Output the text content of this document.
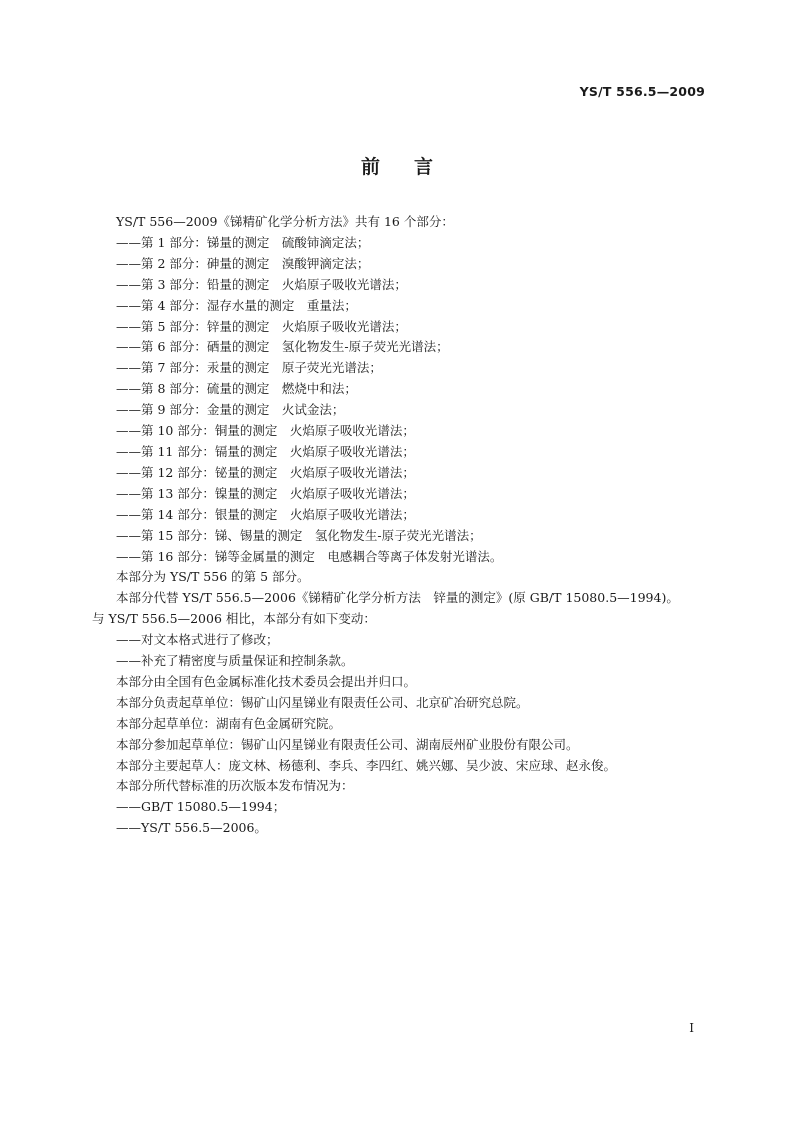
YS/T 556.5—2009

前 言

YS/T 556—2009《锑精矿化学分析方法》共有 16 个部分：

——第 1 部分：锑量的测定　硫酸铈滴定法；

——第 2 部分：砷量的测定　溴酸钾滴定法；

——第 3 部分：铅量的测定　火焰原子吸收光谱法；

——第 4 部分：湿存水量的测定　重量法；

——第 5 部分：锌量的测定　火焰原子吸收光谱法；

——第 6 部分：硒量的测定　氢化物发生-原子荧光光谱法；

——第 7 部分：汞量的测定　原子荧光光谱法；

——第 8 部分：硫量的测定　燃烧中和法；

——第 9 部分：金量的测定　火试金法；

——第 10 部分：铜量的测定　火焰原子吸收光谱法；

——第 11 部分：镉量的测定　火焰原子吸收光谱法；

——第 12 部分：铋量的测定　火焰原子吸收光谱法；

——第 13 部分：镍量的测定　火焰原子吸收光谱法；

——第 14 部分：银量的测定　火焰原子吸收光谱法；

——第 15 部分：锑、锡量的测定　氢化物发生-原子荧光光谱法；

——第 16 部分：锑等金属量的测定　电感耦合等离子体发射光谱法。

本部分为 YS/T 556 的第 5 部分。

本部分代替 YS/T 556.5—2006《锑精矿化学分析方法　锌量的测定》(原 GB/T 15080.5—1994)。

与 YS/T 556.5—2006 相比，本部分有如下变动：

——对文本格式进行了修改；

——补充了精密度与质量保证和控制条款。

本部分由全国有色金属标准化技术委员会提出并归口。

本部分负责起草单位：锡矿山闪星锑业有限责任公司、北京矿冶研究总院。

本部分起草单位：湖南有色金属研究院。

本部分参加起草单位：锡矿山闪星锑业有限责任公司、湖南辰州矿业股份有限公司。

本部分主要起草人：庞文林、杨德利、李兵、李四红、姚兴娜、吴少波、宋应球、赵永俊。

本部分所代替标准的历次版本发布情况为：

——GB/T 15080.5—1994；

——YS/T 556.5—2006。

I
